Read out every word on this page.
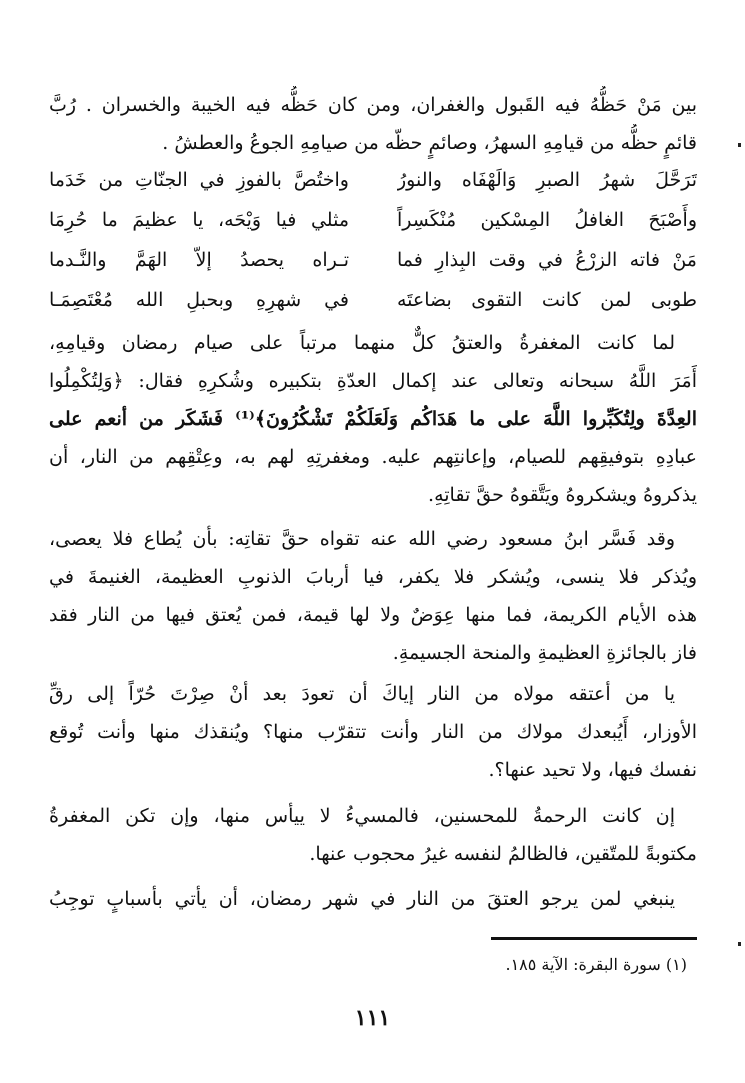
بين مَنْ حَظُّهُ فيه القَبول والغفران، ومن كان حَظُّه فيه الخيبة والخسران . رُبَّ
قائمٍ حظُّه من قيامِهِ السهرُ، وصائمٍ حظّه من صيامِهِ الجوعُ والعطشُ .
تَرَحَّلَ شهرُ الصبرِ وَالَهْفَاه والنورُ
واختُصَّ بالفوزِ في الجنّاتِ من خَدَما
وأَصْبَحَ الغافلُ المِسْكين مُنْكَسِراً
مثلي فيا وَيْحَه، يا عظيمَ ما حُرِمَا
مَنْ فاته الزرْعُ في وقت البِذارِ فما
تـراه يحصدُ إلاّ الهَمَّ والنَّـدما
طوبى لمن كانت التقوى بضاعتَه
في شهرِهِ وبحبلِ الله مُعْتَصِمَـا
لما كانت المغفرةُ والعتقُ كلٌّ منهما مرتباً على صيام رمضان وقيامِهِ،
أَمَرَ اللَّهُ سبحانه وتعالى عند إكمال العدّةِ بتكبيره وشُكرِهِ فقال: ﴿وَلِتُكْمِلُوا
العِدَّةَ ولِتُكَبِّروا اللَّهَ على ما هَدَاكُم وَلَعَلَكُمْ تَشْكُرُونَ﴾⁽¹⁾ فَشَكَر من أنعم على
عبادِهِ بتوفيقِهم للصيام، وإعانتِهم عليه. ومغفرتِهِ لهم به، وعِتْقِهم من النار، أن
يذكروهُ ويشكروهُ ويَتَّقوهُ حقَّ تقاتِهِ.
وقد فَسَّر ابنُ مسعود رضي الله عنه تقواه حقَّ تقاتِه: بأن يُطاع فلا يعصى،
ويُذكر فلا ينسى، ويُشكر فلا يكفر، فيا أربابَ الذنوبِ العظيمة، الغنيمةَ في
هذه الأيام الكريمة، فما منها عِوَضٌ ولا لها قيمة، فمن يُعتق فيها من النار فقد
فاز بالجائزةِ العظيمةِ والمنحة الجسيمةِ.
يا من أعتقه مولاه من النار إياكَ أن تعودَ بعد أنْ صِرْتَ حُرّاً إلى رقِّ
الأوزار، أَيُبعدك مولاك من النار وأنت تتقرّب منها؟ ويُنقذك منها وأنت تُوقع
نفسك فيها، ولا تحيد عنها؟.
إن كانت الرحمةُ للمحسنين، فالمسيءُ لا ييأس منها، وإن تكن المغفرةُ
مكتوبةً للمتّقين، فالظالمُ لنفسه غيرُ محجوب عنها.
ينبغي لمن يرجو العتقَ من النار في شهر رمضان، أن يأتي بأسبابٍ توجِبُ
(١) سورة البقرة: الآية ١٨٥.
١١١
